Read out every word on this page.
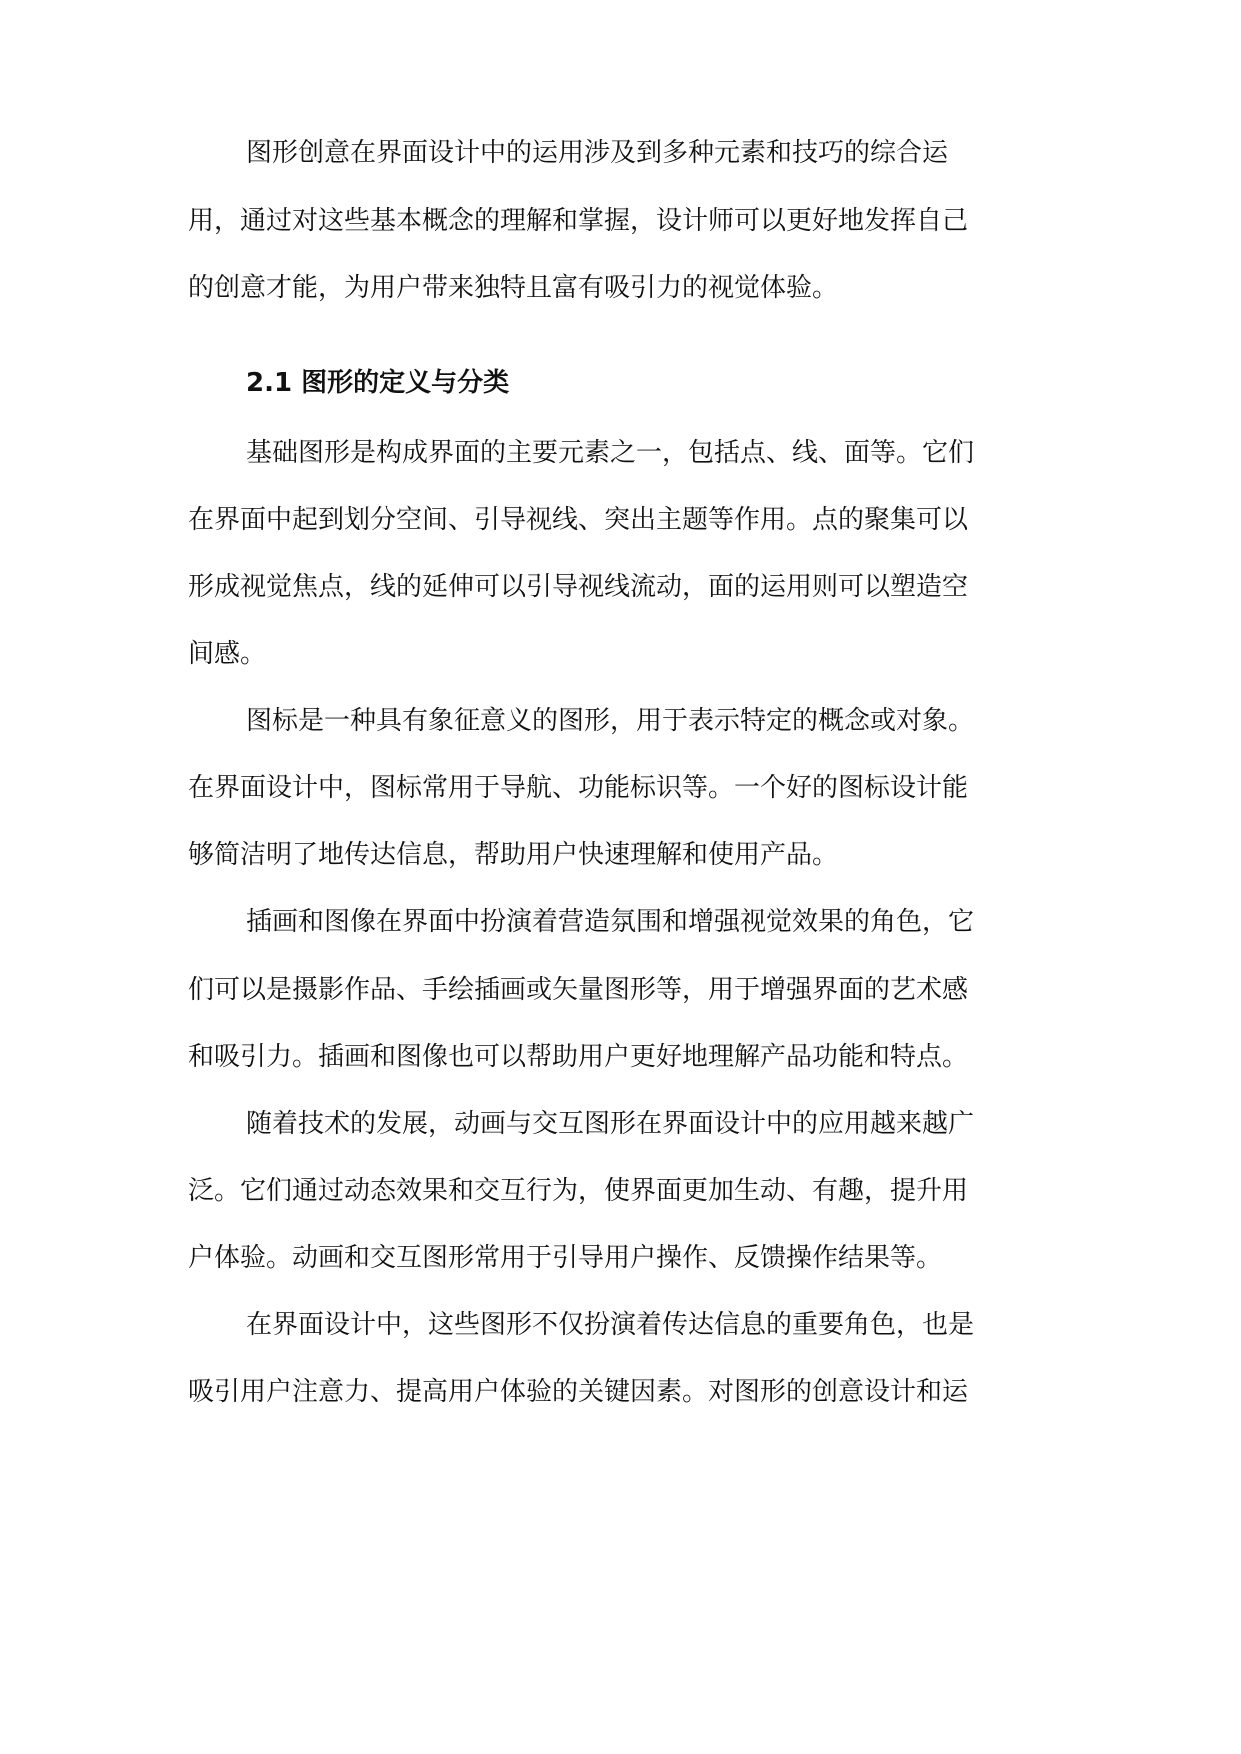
图形创意在界面设计中的运用涉及到多种元素和技巧的综合运
用，通过对这些基本概念的理解和掌握，设计师可以更好地发挥自己
的创意才能，为用户带来独特且富有吸引力的视觉体验。
2.1 图形的定义与分类
基础图形是构成界面的主要元素之一，包括点、线、面等。它们
在界面中起到划分空间、引导视线、突出主题等作用。点的聚集可以
形成视觉焦点，线的延伸可以引导视线流动，面的运用则可以塑造空
间感。
图标是一种具有象征意义的图形，用于表示特定的概念或对象。
在界面设计中，图标常用于导航、功能标识等。一个好的图标设计能
够简洁明了地传达信息，帮助用户快速理解和使用产品。
插画和图像在界面中扮演着营造氛围和增强视觉效果的角色，它
们可以是摄影作品、手绘插画或矢量图形等，用于增强界面的艺术感
和吸引力。插画和图像也可以帮助用户更好地理解产品功能和特点。
随着技术的发展，动画与交互图形在界面设计中的应用越来越广
泛。它们通过动态效果和交互行为，使界面更加生动、有趣，提升用
户体验。动画和交互图形常用于引导用户操作、反馈操作结果等。
在界面设计中，这些图形不仅扮演着传达信息的重要角色，也是
吸引用户注意力、提高用户体验的关键因素。对图形的创意设计和运
